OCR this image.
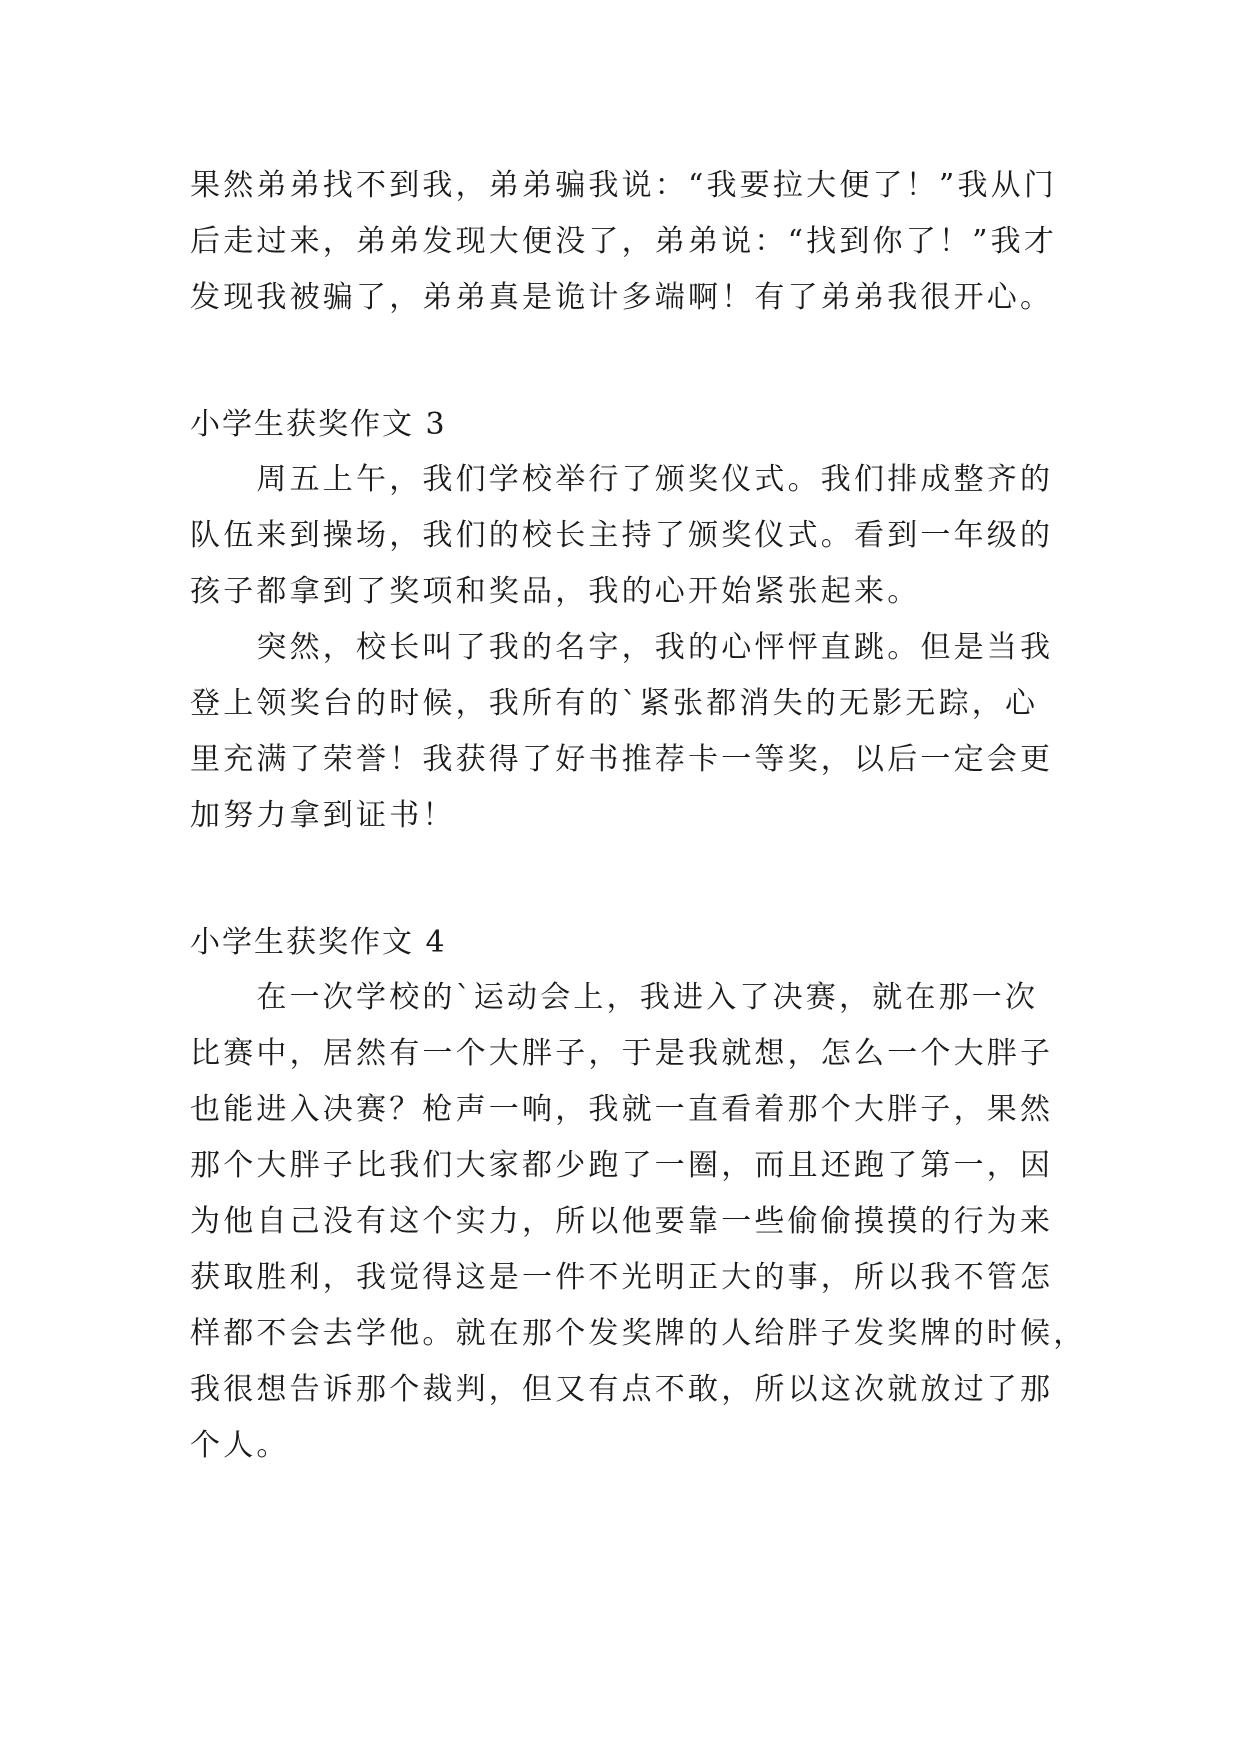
果然弟弟找不到我，弟弟骗我说：“我要拉大便了！”我从门
后走过来，弟弟发现大便没了，弟弟说：“找到你了！”我才
发现我被骗了，弟弟真是诡计多端啊！有了弟弟我很开心。
小学生获奖作文 3
　　周五上午，我们学校举行了颁奖仪式。我们排成整齐的
队伍来到操场，我们的校长主持了颁奖仪式。看到一年级的
孩子都拿到了奖项和奖品，我的心开始紧张起来。
　　突然，校长叫了我的名字，我的心怦怦直跳。但是当我
登上领奖台的时候，我所有的`紧张都消失的无影无踪，心
里充满了荣誉！我获得了好书推荐卡一等奖，以后一定会更
加努力拿到证书！
小学生获奖作文 4
　　在一次学校的`运动会上，我进入了决赛，就在那一次
比赛中，居然有一个大胖子，于是我就想，怎么一个大胖子
也能进入决赛？枪声一响，我就一直看着那个大胖子，果然
那个大胖子比我们大家都少跑了一圈，而且还跑了第一，因
为他自己没有这个实力，所以他要靠一些偷偷摸摸的行为来
获取胜利，我觉得这是一件不光明正大的事，所以我不管怎
样都不会去学他。就在那个发奖牌的人给胖子发奖牌的时候，
我很想告诉那个裁判，但又有点不敢，所以这次就放过了那
个人。
